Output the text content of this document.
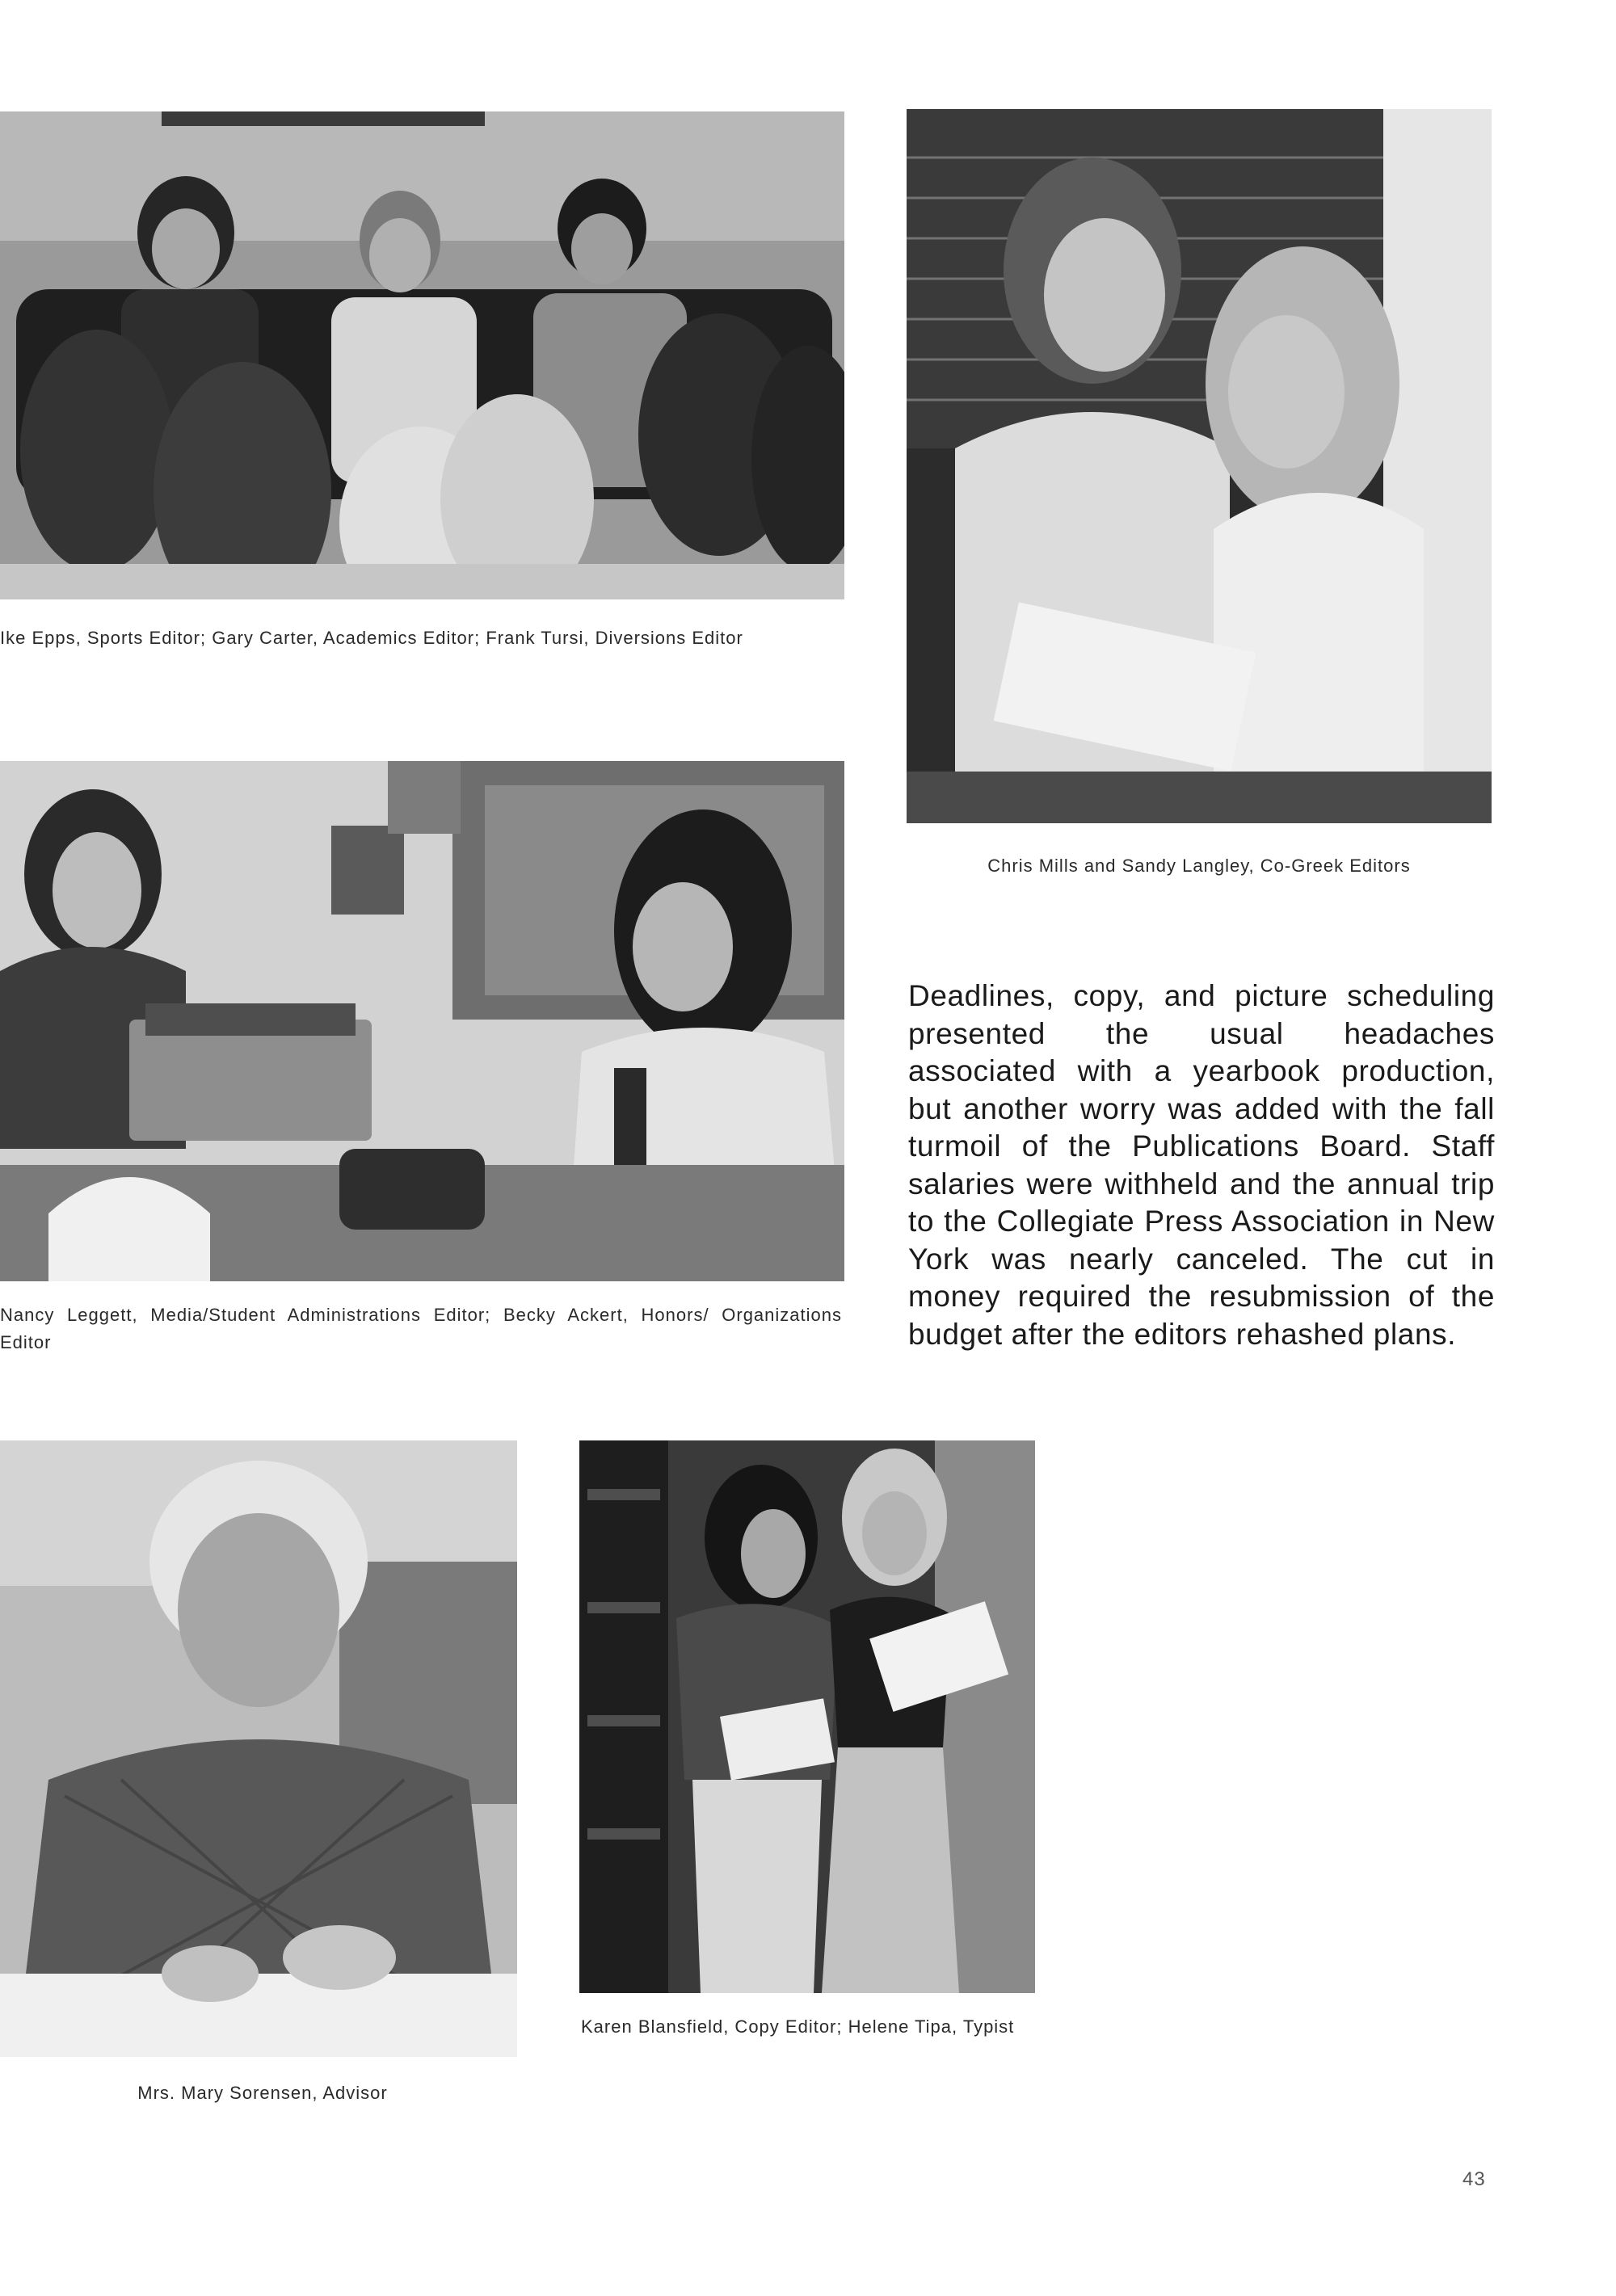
Ike Epps, Sports Editor; Gary Carter, Academics Editor; Frank Tursi, Diversions Editor

Chris Mills and Sandy Langley, Co-Greek Editors

Nancy Leggett, Media/Student Administrations Editor; Becky Ackert, Honors/ Organizations Editor

Deadlines, copy, and picture scheduling presented the usual headaches associated with a yearbook production, but another worry was added with the fall turmoil of the Publications Board. Staff salaries were withheld and the annual trip to the Collegiate Press Association in New York was nearly canceled. The cut in money required the resubmission of the budget after the editors rehashed plans.

Mrs. Mary Sorensen, Advisor

Karen Blansfield, Copy Editor; Helene Tipa, Typist

43
